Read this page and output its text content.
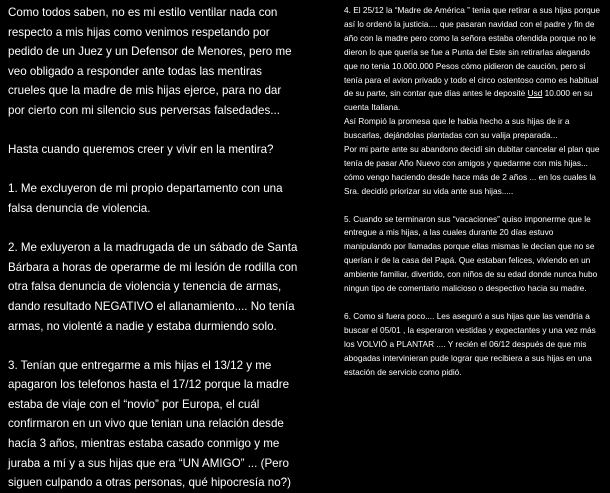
Como todos saben, no es mi estilo ventilar nada con respecto a mis hijas como venimos respetando por pedido de un Juez y un Defensor de Menores, pero me veo obligado a responder ante todas las mentiras crueles que la madre de mis hijas ejerce, para no dar por cierto con mi silencio sus perversas falsedades...

Hasta cuando queremos creer y vivir en la mentira?

1. Me excluyeron de mi propio departamento con una falsa denuncia de violencia.

2. Me exluyeron a la madrugada de un sábado de Santa Bárbara a horas de operarme de mi lesión de rodilla con otra falsa denuncia de violencia y tenencia de armas, dando resultado NEGATIVO el allanamiento.... No tenía armas, no violenté a nadie y estaba durmiendo solo.

3. Tenían que entregarme a mis hijas el 13/12 y me apagaron los telefonos hasta el 17/12 porque la madre estaba de viaje con el “novio” por Europa, el cuál confirmaron en un vivo que tenian una relación desde hacía 3 años, mientras estaba casado conmigo y me juraba a mí y a sus hijas que era “UN AMIGO” ... (Pero siguen culpando a otras personas, qué hipocresía no?)

4. El 25/12 la “Madre de América ” tenia que retirar a sus hijas porque así lo ordenó la justicia.... que pasaran navidad con el padre y fin de año con la madre pero como la señora estaba ofendida porque no le dieron lo que quería se fue a Punta del Este sin retirarlas alegando que no tenia 10.000.000 Pesos cómo pidieron de caución, pero si tenía para el avion privado y todo el circo ostentoso como es habitual de su parte, sin contar que días antes le depositė Usd 10.000 en su cuenta Italiana.

Así Rompió la promesa que le habia hecho a sus hijas de ir a buscarlas, dejándolas plantadas con su valija preparada...

Por mi parte ante su abandono decidí sin dubitar cancelar el plan que tenía de pasar Año Nuevo con amigos y quedarme con mis hijas... cómo vengo haciendo desde hace más de 2 años ... en los cuales la Sra. decidió priorizar su vida ante sus hijas.....

5. Cuando se terminaron sus “vacaciones” quiso imponerme que le entregue a mis hijas, a las cuales durante 20 días estuvo manipulando por llamadas porque ellas mismas le decían que no se querían ir de la casa del Papá. Que estaban felices, viviendo en un ambiente familiar, divertido, con niños de su edad donde nunca hubo ningun tipo de comentario malicioso o despectivo hacia su madre.

6. Como si fuera poco.... Les aseguró a sus hijas que las vendría a buscar el 05/01 , la esperaron vestidas y expectantes y una vez más los VOLVIÓ a PLANTAR .... Y recién el 06/12 después de que mis abogadas intervinieran pude lograr que recibiera a sus hijas en una estación de servicio como pidió.
